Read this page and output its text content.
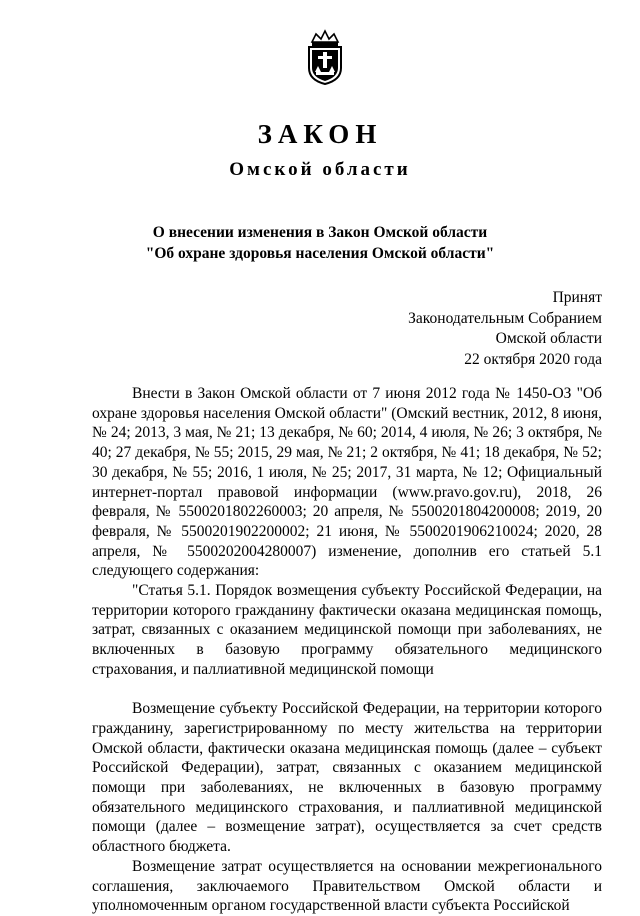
ЗАКОН
Омской области
О внесении изменения в Закон Омской области
"Об охране здоровья населения Омской области"
Принят
Законодательным Собранием
Омской области
22 октября 2020 года

Внести в Закон Омской области от 7 июня 2012 года № 1450-ОЗ "Об охране здоровья населения Омской области" (Омский вестник, 2012, 8 июня, № 24; 2013, 3 мая, № 21; 13 декабря, № 60; 2014, 4 июля, № 26; 3 октября, № 40; 27 декабря, № 55; 2015, 29 мая, № 21; 2 октября, № 41; 18 декабря, № 52; 30 декабря, № 55; 2016, 1 июля, № 25; 2017, 31 марта, № 12; Официальный интернет-портал правовой информации (www.pravo.gov.ru), 2018, 26 февраля, № 5500201802260003; 20 апреля, № 5500201804200008; 2019, 20 февраля, № 5500201902200002; 21 июня, № 5500201906210024; 2020, 28 апреля, № 5500202004280007) изменение, дополнив его статьей 5.1 следующего содержания:

"Статья 5.1. Порядок возмещения субъекту Российской Федерации, на территории которого гражданину фактически оказана медицинская помощь, затрат, связанных с оказанием медицинской помощи при заболеваниях, не включенных в базовую программу обязательного медицинского страхования, и паллиативной медицинской помощи

Возмещение субъекту Российской Федерации, на территории которого гражданину, зарегистрированному по месту жительства на территории Омской области, фактически оказана медицинская помощь (далее – субъект Российской Федерации), затрат, связанных с оказанием медицинской помощи при заболеваниях, не включенных в базовую программу обязательного медицинского страхования, и паллиативной медицинской помощи (далее – возмещение затрат), осуществляется за счет средств областного бюджета.

Возмещение затрат осуществляется на основании межрегионального соглашения, заключаемого Правительством Омской области и уполномоченным органом государственной власти субъекта Российской
